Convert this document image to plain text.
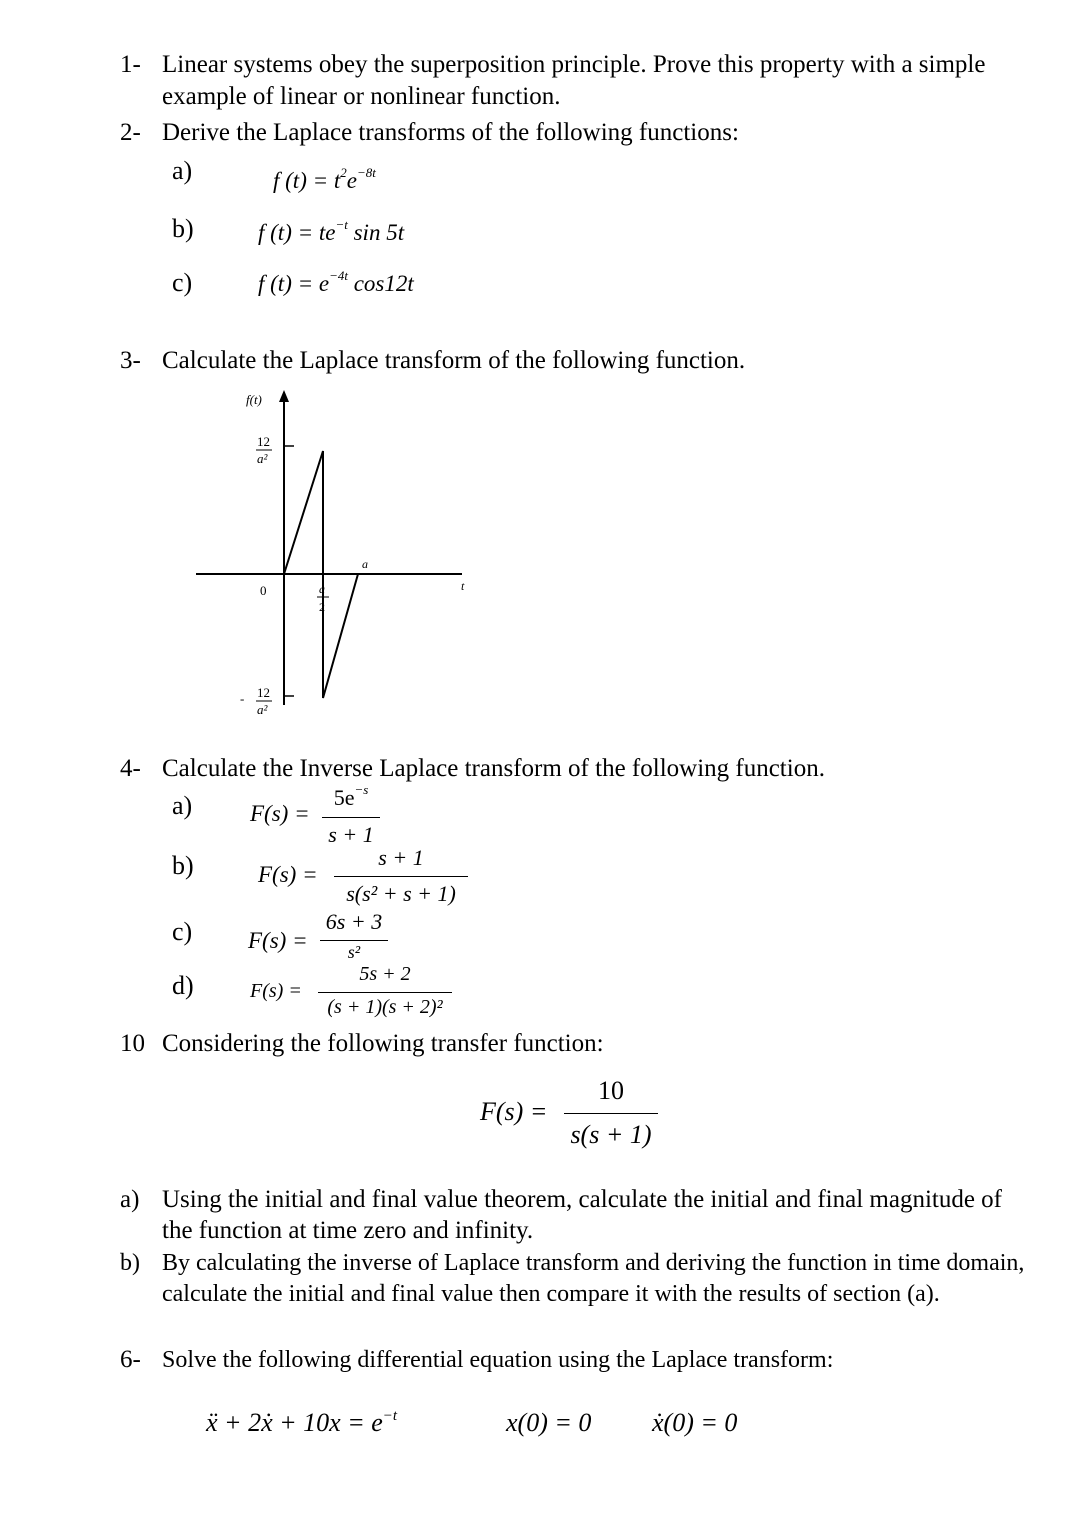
1- Linear systems obey the superposition principle. Prove this property with a simple
example of linear or nonlinear function.
2- Derive the Laplace transforms of the following functions:
a)	f $(t) = t^2e^{-8t}$
b)	f $(t) = te^{-t}$ sin 5t
c)	f $(t) = e^{-4t}$ cos12t
3- Calculate the Laplace transform of the following function.
f(t)
t
12
a²
0	a
2
a
- 12
a²
4- Calculate the Inverse Laplace transform of the following function.
a)	F(s) =
$5e^{-s}$
s + 1
b)	F(s) =
s + 1
s(s² + s + 1)
c) F(s) =
6s + 3
s²
d)	F(s) =
5s + 2
(s + 1)(s + 2)²
10 Considering the following transfer function:
F(s) =
10
s(s + 1)
a) Using the initial and final value theorem, calculate the initial and final magnitude of
the function at time zero and infinity.
b) By calculating the inverse of Laplace transform and deriving the function in time domain,
calculate the initial and final value then compare it with the results of section (a).
6- Solve the following differential equation using the Laplace transform:
ẍ + 2ẋ + $10x = e^{-t}$	x(0) = 0 ẋ(0) = 0
